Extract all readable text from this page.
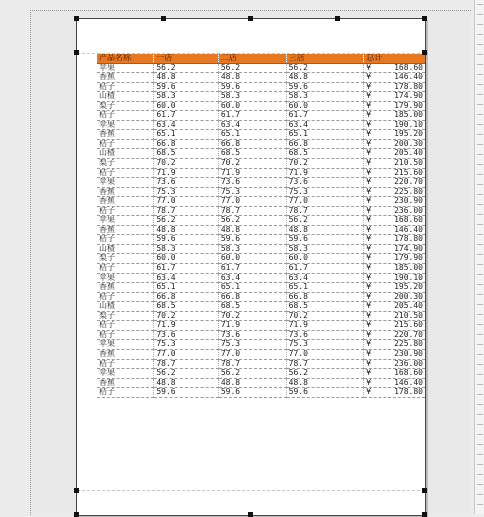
产品名称	一店	二店	三店	总计
苹果	56.2	56.2	56.2	¥ 168.60
香蕉	48.8	48.8	48.8	¥ 146.40
桔子	59.6	59.6	59.6	¥ 178.80
山楂	58.3	58.3	58.3	¥ 174.90
梨子	60.0	60.0	60.0	¥ 179.90
桔子	61.7	61.7	61.7	¥ 185.00
苹果	63.4	63.4	63.4	¥ 190.10
香蕉	65.1	65.1	65.1	¥ 195.20
桔子	66.8	66.8	66.8	¥ 200.30
山楂	68.5	68.5	68.5	¥ 205.40
梨子	70.2	70.2	70.2	¥ 210.50
桔子	71.9	71.9	71.9	¥ 215.60
苹果	73.6	73.6	73.6	¥ 220.70
香蕉	75.3	75.3	75.3	¥ 225.80
香蕉	77.0	77.0	77.0	¥ 230.90
桔子	78.7	78.7	78.7	¥ 236.00
苹果	56.2	56.2	56.2	¥ 168.60
香蕉	48.8	48.8	48.8	¥ 146.40
桔子	59.6	59.6	59.6	¥ 178.80
山楂	58.3	58.3	58.3	¥ 174.90
梨子	60.0	60.0	60.0	¥ 179.90
桔子	61.7	61.7	61.7	¥ 185.00
苹果	63.4	63.4	63.4	¥ 190.10
香蕉	65.1	65.1	65.1	¥ 195.20
桔子	66.8	66.8	66.8	¥ 200.30
山楂	68.5	68.5	68.5	¥ 205.40
梨子	70.2	70.2	70.2	¥ 210.50
桔子	71.9	71.9	71.9	¥ 215.60
桔子	73.6	73.6	73.6	¥ 220.70
苹果	75.3	75.3	75.3	¥ 225.80
香蕉	77.0	77.0	77.0	¥ 230.90
桔子	78.7	78.7	78.7	¥ 236.00
苹果	56.2	56.2	56.2	¥ 168.60
香蕉	48.8	48.8	48.8	¥ 146.40
桔子	59.6	59.6	59.6	¥ 178.80
